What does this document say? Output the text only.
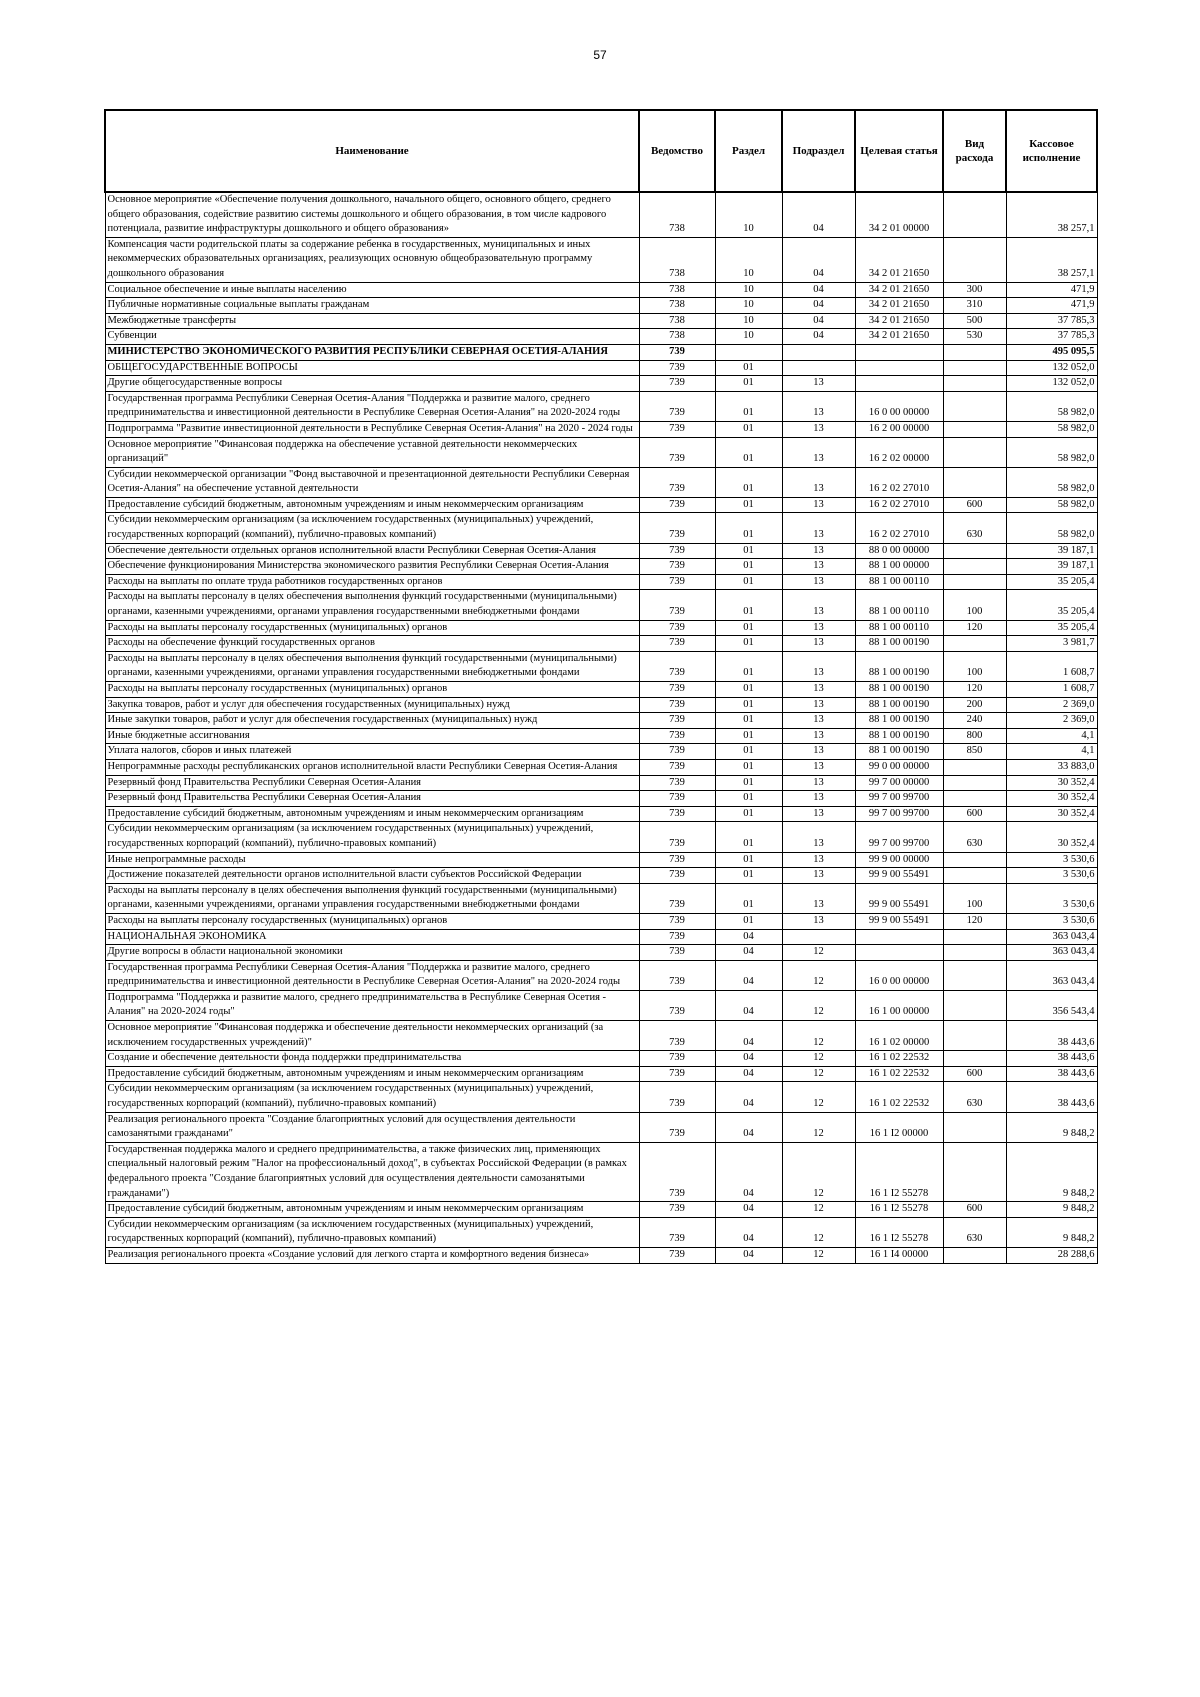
57
Наименование	Ведомство	Раздел	Подраздел	Целевая статья	Вид расхода	Кассовое исполнение
Основное мероприятие «Обеспечение получения дошкольного, начального общего, основного общего, среднего общего образования, содействие развитию системы дошкольного и общего образования, в том числе кадрового потенциала, развитие инфраструктуры дошкольного и общего образования»	738	10	04	34 2 01 00000		38 257,1
Компенсация части родительской платы за содержание ребенка в государственных, муниципальных и иных некоммерческих образовательных организациях, реализующих основную общеобразовательную программу дошкольного образования	738	10	04	34 2 01 21650		38 257,1
Социальное обеспечение и иные выплаты населению	738	10	04	34 2 01 21650	300	471,9
Публичные нормативные социальные выплаты гражданам	738	10	04	34 2 01 21650	310	471,9
Межбюджетные трансферты	738	10	04	34 2 01 21650	500	37 785,3
Субвенции	738	10	04	34 2 01 21650	530	37 785,3
МИНИСТЕРСТВО ЭКОНОМИЧЕСКОГО РАЗВИТИЯ РЕСПУБЛИКИ СЕВЕРНАЯ ОСЕТИЯ-АЛАНИЯ	739					495 095,5
ОБЩЕГОСУДАРСТВЕННЫЕ ВОПРОСЫ	739	01				132 052,0
Другие общегосударственные вопросы	739	01	13			132 052,0
Государственная программа Республики Северная Осетия-Алания "Поддержка и развитие малого, среднего предпринимательства и инвестиционной деятельности в Республике Северная Осетия-Алания" на 2020-2024 годы	739	01	13	16 0 00 00000		58 982,0
Подпрограмма "Развитие инвестиционной деятельности в Республике Северная Осетия-Алания" на 2020 - 2024 годы	739	01	13	16 2 00 00000		58 982,0
Основное мероприятие "Финансовая поддержка на обеспечение уставной деятельности некоммерческих организаций"	739	01	13	16 2 02 00000		58 982,0
Субсидии некоммерческой организации "Фонд выставочной и презентационной деятельности Республики Северная Осетия-Алания" на обеспечение уставной деятельности	739	01	13	16 2 02 27010		58 982,0
Предоставление субсидий бюджетным, автономным учреждениям и иным некоммерческим организациям	739	01	13	16 2 02 27010	600	58 982,0
Субсидии некоммерческим организациям (за исключением государственных (муниципальных) учреждений, государственных корпораций (компаний), публично-правовых компаний)	739	01	13	16 2 02 27010	630	58 982,0
Обеспечение деятельности отдельных органов исполнительной власти Республики Северная Осетия-Алания	739	01	13	88 0 00 00000		39 187,1
Обеспечение функционирования Министерства экономического развития Республики Северная Осетия-Алания	739	01	13	88 1 00 00000		39 187,1
Расходы на выплаты по оплате труда работников государственных органов	739	01	13	88 1 00 00110		35 205,4
Расходы на выплаты персоналу в целях обеспечения выполнения функций государственными (муниципальными) органами, казенными учреждениями, органами управления государственными внебюджетными фондами	739	01	13	88 1 00 00110	100	35 205,4
Расходы на выплаты персоналу государственных (муниципальных) органов	739	01	13	88 1 00 00110	120	35 205,4
Расходы на обеспечение функций государственных органов	739	01	13	88 1 00 00190		3 981,7
Расходы на выплаты персоналу в целях обеспечения выполнения функций государственными (муниципальными) органами, казенными учреждениями, органами управления государственными внебюджетными фондами	739	01	13	88 1 00 00190	100	1 608,7
Расходы на выплаты персоналу государственных (муниципальных) органов	739	01	13	88 1 00 00190	120	1 608,7
Закупка товаров, работ и услуг для обеспечения государственных (муниципальных) нужд	739	01	13	88 1 00 00190	200	2 369,0
Иные закупки товаров, работ и услуг для обеспечения государственных (муниципальных) нужд	739	01	13	88 1 00 00190	240	2 369,0
Иные бюджетные ассигнования	739	01	13	88 1 00 00190	800	4,1
Уплата налогов, сборов и иных платежей	739	01	13	88 1 00 00190	850	4,1
Непрограммные расходы республиканских органов исполнительной власти Республики Северная Осетия-Алания	739	01	13	99 0 00 00000		33 883,0
Резервный фонд Правительства Республики Северная Осетия-Алания	739	01	13	99 7 00 00000		30 352,4
Резервный фонд Правительства Республики Северная Осетия-Алания	739	01	13	99 7 00 99700		30 352,4
Предоставление субсидий бюджетным, автономным учреждениям и иным некоммерческим организациям	739	01	13	99 7 00 99700	600	30 352,4
Субсидии некоммерческим организациям (за исключением государственных (муниципальных) учреждений, государственных корпораций (компаний), публично-правовых компаний)	739	01	13	99 7 00 99700	630	30 352,4
Иные непрограммные расходы	739	01	13	99 9 00 00000		3 530,6
Достижение показателей деятельности органов исполнительной власти субъектов Российской Федерации	739	01	13	99 9 00 55491		3 530,6
Расходы на выплаты персоналу в целях обеспечения выполнения функций государственными (муниципальными) органами, казенными учреждениями, органами управления государственными внебюджетными фондами	739	01	13	99 9 00 55491	100	3 530,6
Расходы на выплаты персоналу государственных (муниципальных) органов	739	01	13	99 9 00 55491	120	3 530,6
НАЦИОНАЛЬНАЯ ЭКОНОМИКА	739	04				363 043,4
Другие вопросы в области национальной экономики	739	04	12			363 043,4
Государственная программа Республики Северная Осетия-Алания "Поддержка и развитие малого, среднего предпринимательства и инвестиционной деятельности в Республике Северная Осетия-Алания" на 2020-2024 годы	739	04	12	16 0 00 00000		363 043,4
Подпрограмма "Поддержка и развитие малого, среднего предпринимательства в Республике Северная Осетия - Алания" на 2020-2024 годы"	739	04	12	16 1 00 00000		356 543,4
Основное мероприятие "Финансовая поддержка и обеспечение деятельности некоммерческих организаций (за исключением государственных учреждений)"	739	04	12	16 1 02 00000		38 443,6
Создание и обеспечение деятельности фонда поддержки предпринимательства	739	04	12	16 1 02 22532		38 443,6
Предоставление субсидий бюджетным, автономным учреждениям и иным некоммерческим организациям	739	04	12	16 1 02 22532	600	38 443,6
Субсидии некоммерческим организациям (за исключением государственных (муниципальных) учреждений, государственных корпораций (компаний), публично-правовых компаний)	739	04	12	16 1 02 22532	630	38 443,6
Реализация регионального проекта "Создание благоприятных условий для осуществления деятельности самозанятыми гражданами"	739	04	12	16 1 I2 00000		9 848,2
Государственная поддержка малого и среднего предпринимательства, а также физических лиц, применяющих специальный налоговый режим "Налог на профессиональный доход", в субъектах Российской Федерации (в рамках федерального проекта "Создание благоприятных условий для осуществления деятельности самозанятыми гражданами")	739	04	12	16 1 I2 55278		9 848,2
Предоставление субсидий бюджетным, автономным учреждениям и иным некоммерческим организациям	739	04	12	16 1 I2 55278	600	9 848,2
Субсидии некоммерческим организациям (за исключением государственных (муниципальных) учреждений, государственных корпораций (компаний), публично-правовых компаний)	739	04	12	16 1 I2 55278	630	9 848,2
Реализация регионального проекта «Создание условий для легкого старта и комфортного ведения бизнеса»	739	04	12	16 1 I4 00000		28 288,6
